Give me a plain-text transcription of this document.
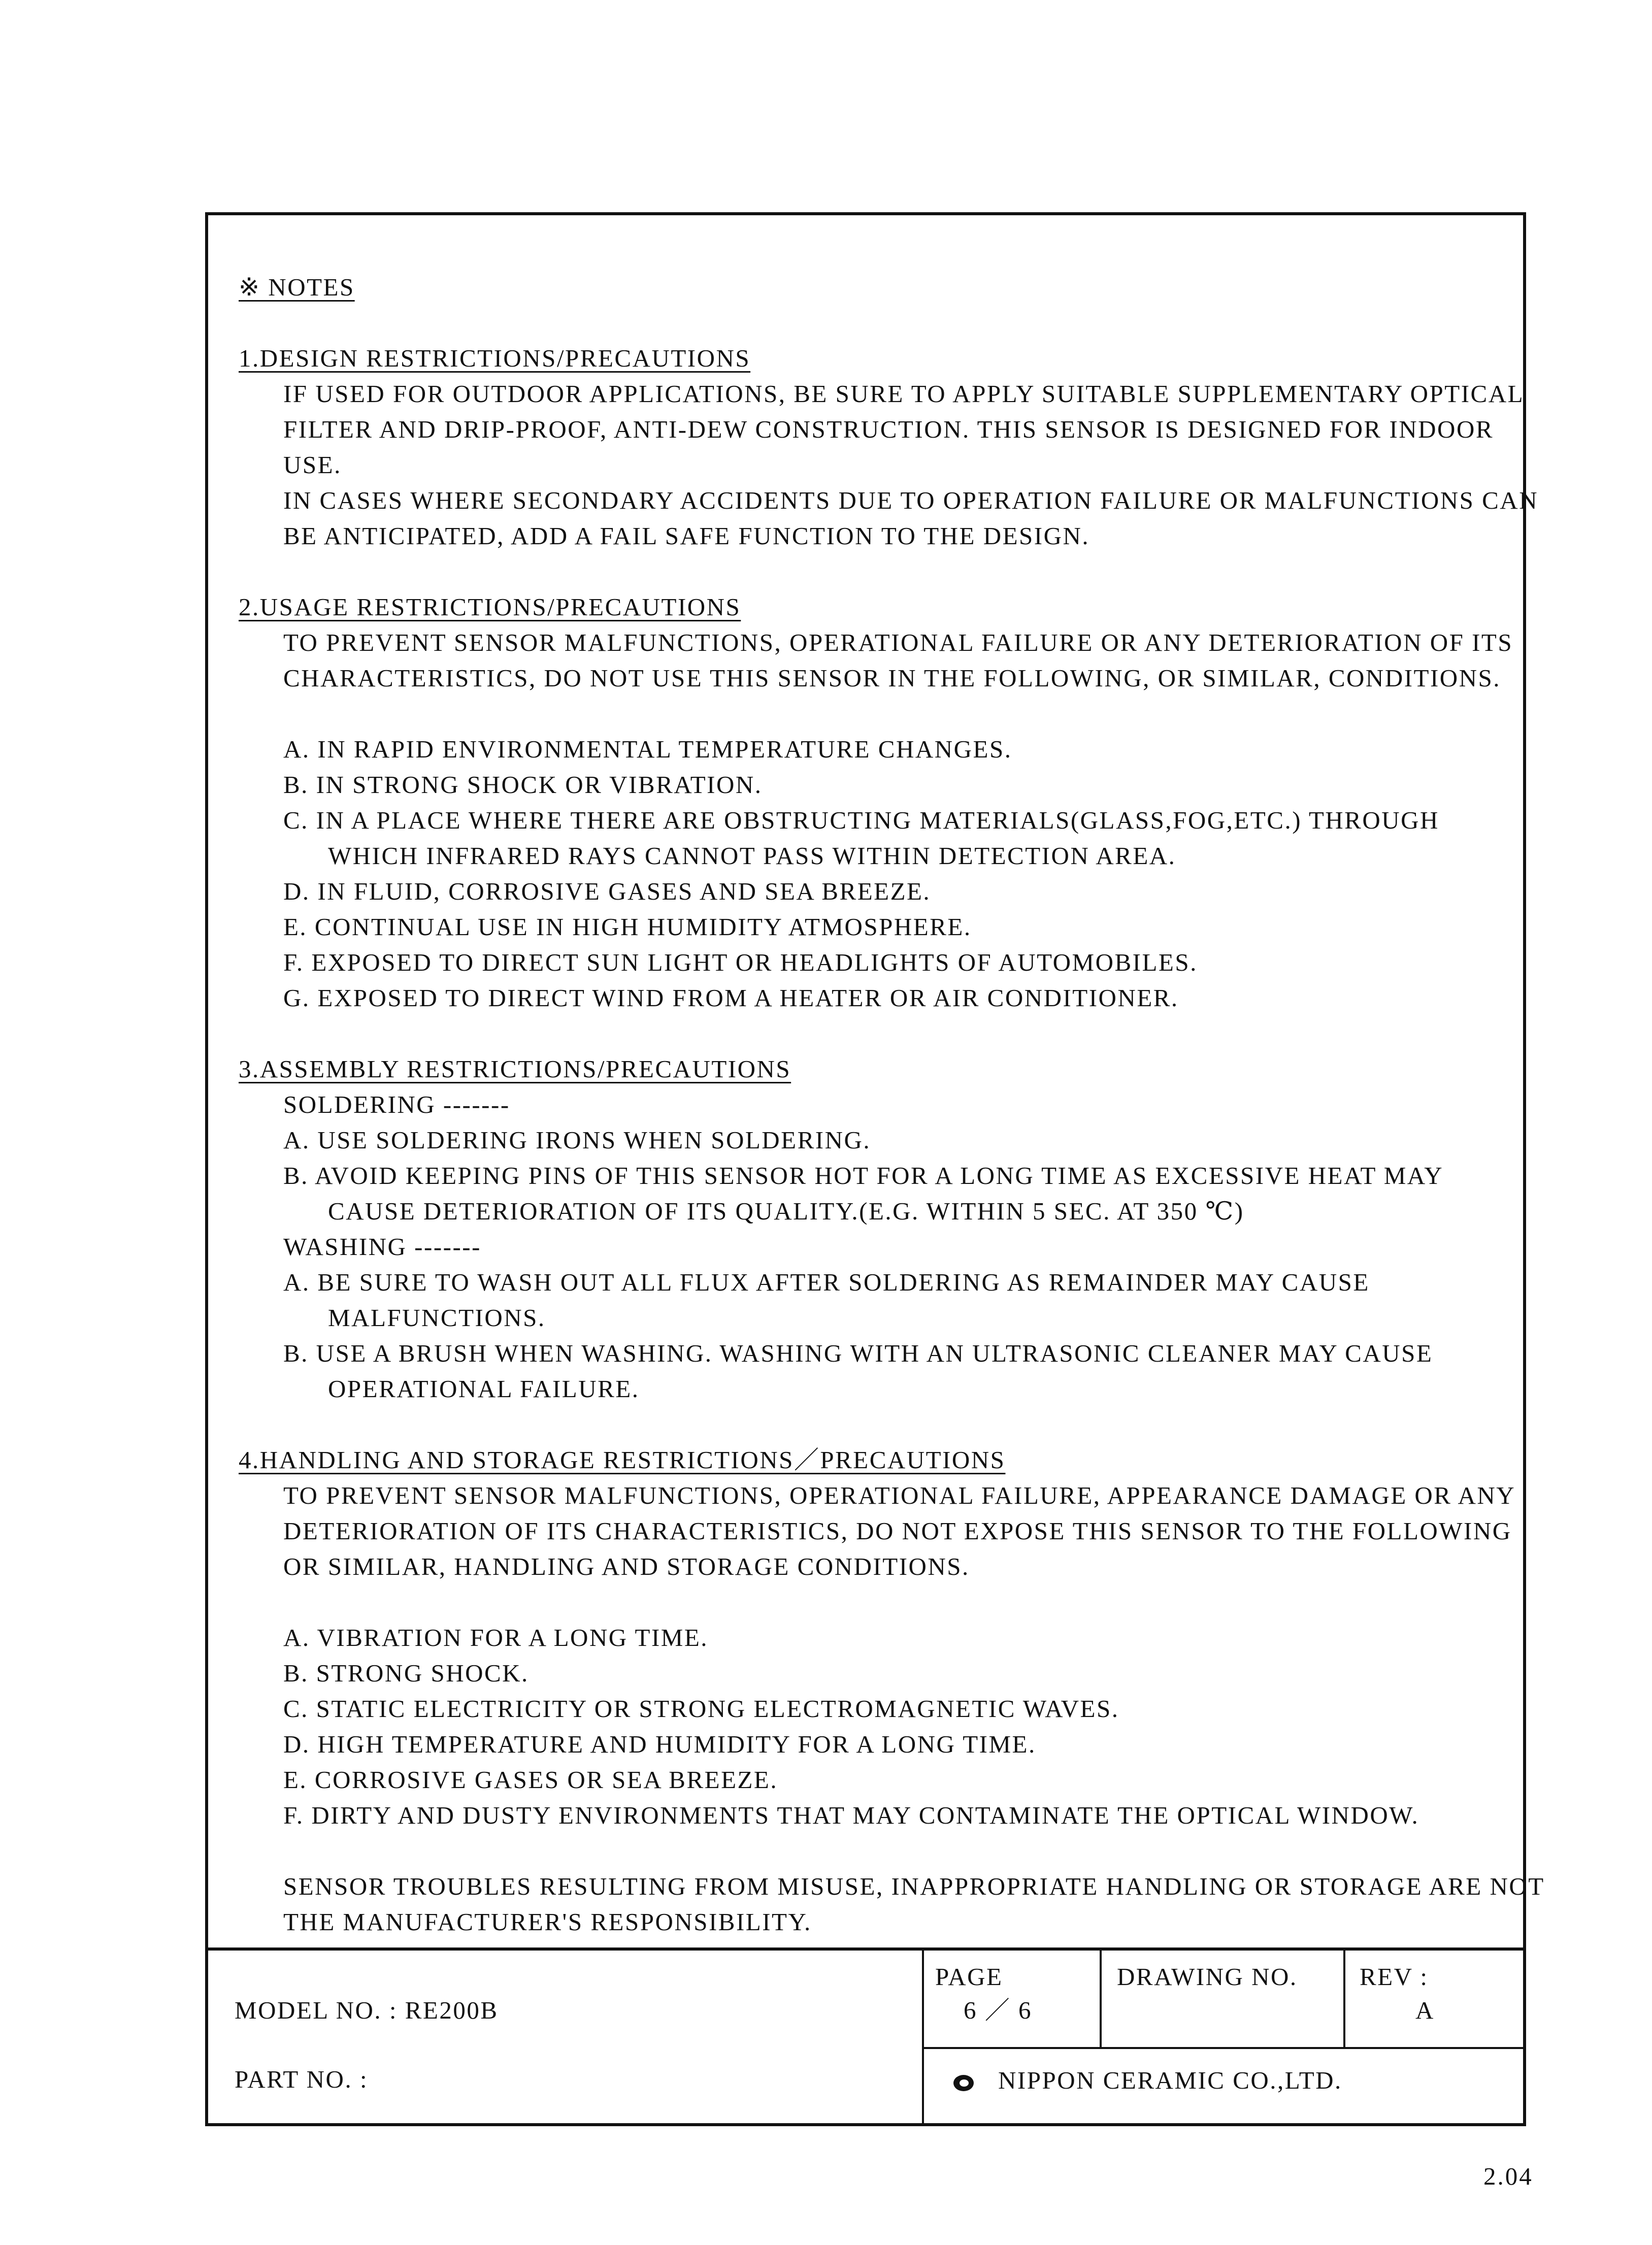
※ NOTES
1.DESIGN RESTRICTIONS/PRECAUTIONS
IF USED FOR OUTDOOR APPLICATIONS, BE SURE TO APPLY SUITABLE SUPPLEMENTARY OPTICAL
FILTER AND DRIP-PROOF, ANTI-DEW CONSTRUCTION. THIS SENSOR IS DESIGNED FOR INDOOR
USE.
IN CASES WHERE SECONDARY ACCIDENTS DUE TO OPERATION FAILURE OR MALFUNCTIONS CAN
BE ANTICIPATED, ADD A FAIL SAFE FUNCTION TO THE DESIGN.
2.USAGE RESTRICTIONS/PRECAUTIONS
TO PREVENT SENSOR MALFUNCTIONS, OPERATIONAL FAILURE OR ANY DETERIORATION OF ITS
CHARACTERISTICS, DO NOT USE THIS SENSOR IN THE FOLLOWING, OR SIMILAR, CONDITIONS.
A. IN RAPID ENVIRONMENTAL TEMPERATURE CHANGES.
B. IN STRONG SHOCK OR VIBRATION.
C. IN A PLACE WHERE THERE ARE OBSTRUCTING MATERIALS(GLASS,FOG,ETC.) THROUGH
WHICH INFRARED RAYS CANNOT PASS WITHIN DETECTION AREA.
D. IN FLUID, CORROSIVE GASES AND SEA BREEZE.
E. CONTINUAL USE IN HIGH HUMIDITY ATMOSPHERE.
F. EXPOSED TO DIRECT SUN LIGHT OR HEADLIGHTS OF AUTOMOBILES.
G. EXPOSED TO DIRECT WIND FROM A HEATER OR AIR CONDITIONER.
3.ASSEMBLY RESTRICTIONS/PRECAUTIONS
SOLDERING -------
A. USE SOLDERING IRONS WHEN SOLDERING.
B. AVOID KEEPING PINS OF THIS SENSOR HOT FOR A LONG TIME AS EXCESSIVE HEAT MAY
CAUSE DETERIORATION OF ITS QUALITY.(E.G. WITHIN 5 SEC. AT 350 ℃)
WASHING -------
A. BE SURE TO WASH OUT ALL FLUX AFTER SOLDERING AS REMAINDER MAY CAUSE
MALFUNCTIONS.
B. USE A BRUSH WHEN WASHING. WASHING WITH AN ULTRASONIC CLEANER MAY CAUSE
OPERATIONAL FAILURE.
4.HANDLING AND STORAGE RESTRICTIONS／PRECAUTIONS
TO PREVENT SENSOR MALFUNCTIONS, OPERATIONAL FAILURE, APPEARANCE DAMAGE OR ANY
DETERIORATION OF ITS CHARACTERISTICS, DO NOT EXPOSE THIS SENSOR TO THE FOLLOWING
OR SIMILAR, HANDLING AND STORAGE CONDITIONS.
A. VIBRATION FOR A LONG TIME.
B. STRONG SHOCK.
C. STATIC ELECTRICITY OR STRONG ELECTROMAGNETIC WAVES.
D. HIGH TEMPERATURE AND HUMIDITY FOR A LONG TIME.
E. CORROSIVE GASES OR SEA BREEZE.
F. DIRTY AND DUSTY ENVIRONMENTS THAT MAY CONTAMINATE THE OPTICAL WINDOW.
SENSOR TROUBLES RESULTING FROM MISUSE, INAPPROPRIATE HANDLING OR STORAGE ARE NOT
THE MANUFACTURER'S RESPONSIBILITY.
MODEL NO. : RE200B
PART NO. :
PAGE
6 ／ 6
DRAWING NO. REV :
A
NIPPON CERAMIC CO.,LTD.
2.04
